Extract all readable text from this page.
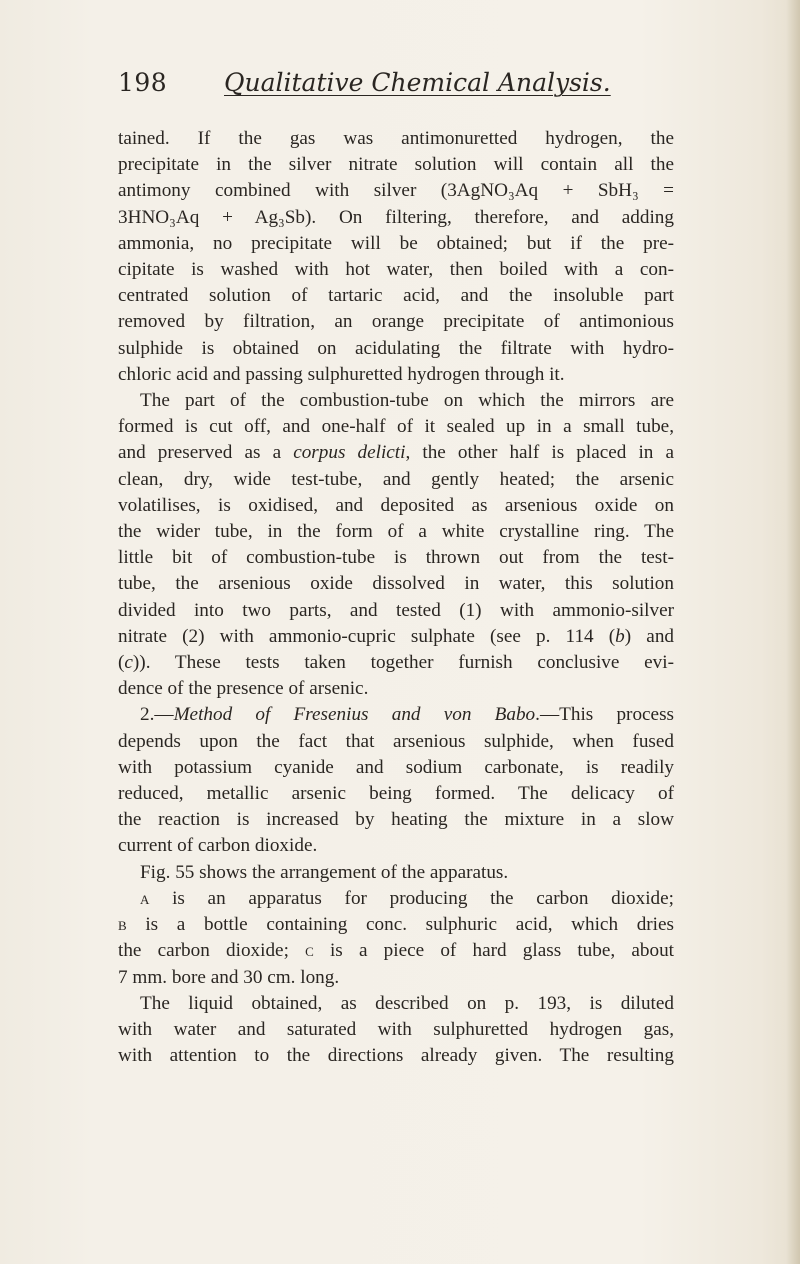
198 Qualitative Chemical Analysis.

tained. If the gas was antimonuretted hydrogen, the

precipitate in the silver nitrate solution will contain all the

antimony combined with silver (3AgNO₃Aq + SbH₃ =

3HNO₃Aq + Ag₃Sb). On filtering, therefore, and adding

ammonia, no precipitate will be obtained; but if the pre-

cipitate is washed with hot water, then boiled with a con-

centrated solution of tartaric acid, and the insoluble part

removed by filtration, an orange precipitate of antimonious

sulphide is obtained on acidulating the filtrate with hydro-

chloric acid and passing sulphuretted hydrogen through it.

The part of the combustion-tube on which the mirrors are

formed is cut off, and one-half of it sealed up in a small tube,

and preserved as a corpus delicti, the other half is placed in a

clean, dry, wide test-tube, and gently heated; the arsenic

volatilises, is oxidised, and deposited as arsenious oxide on

the wider tube, in the form of a white crystalline ring. The

little bit of combustion-tube is thrown out from the test-

tube, the arsenious oxide dissolved in water, this solution

divided into two parts, and tested (1) with ammonio-silver

nitrate (2) with ammonio-cupric sulphate (see p. 114 (b) and

(c)). These tests taken together furnish conclusive evi-

dence of the presence of arsenic.

2.—Method of Fresenius and von Babo.—This process

depends upon the fact that arsenious sulphide, when fused

with potassium cyanide and sodium carbonate, is readily

reduced, metallic arsenic being formed. The delicacy of

the reaction is increased by heating the mixture in a slow

current of carbon dioxide.

Fig. 55 shows the arrangement of the apparatus.

a is an apparatus for producing the carbon dioxide;

b is a bottle containing conc. sulphuric acid, which dries

the carbon dioxide; c is a piece of hard glass tube, about

7 mm. bore and 30 cm. long.

The liquid obtained, as described on p. 193, is diluted

with water and saturated with sulphuretted hydrogen gas,

with attention to the directions already given. The resulting
